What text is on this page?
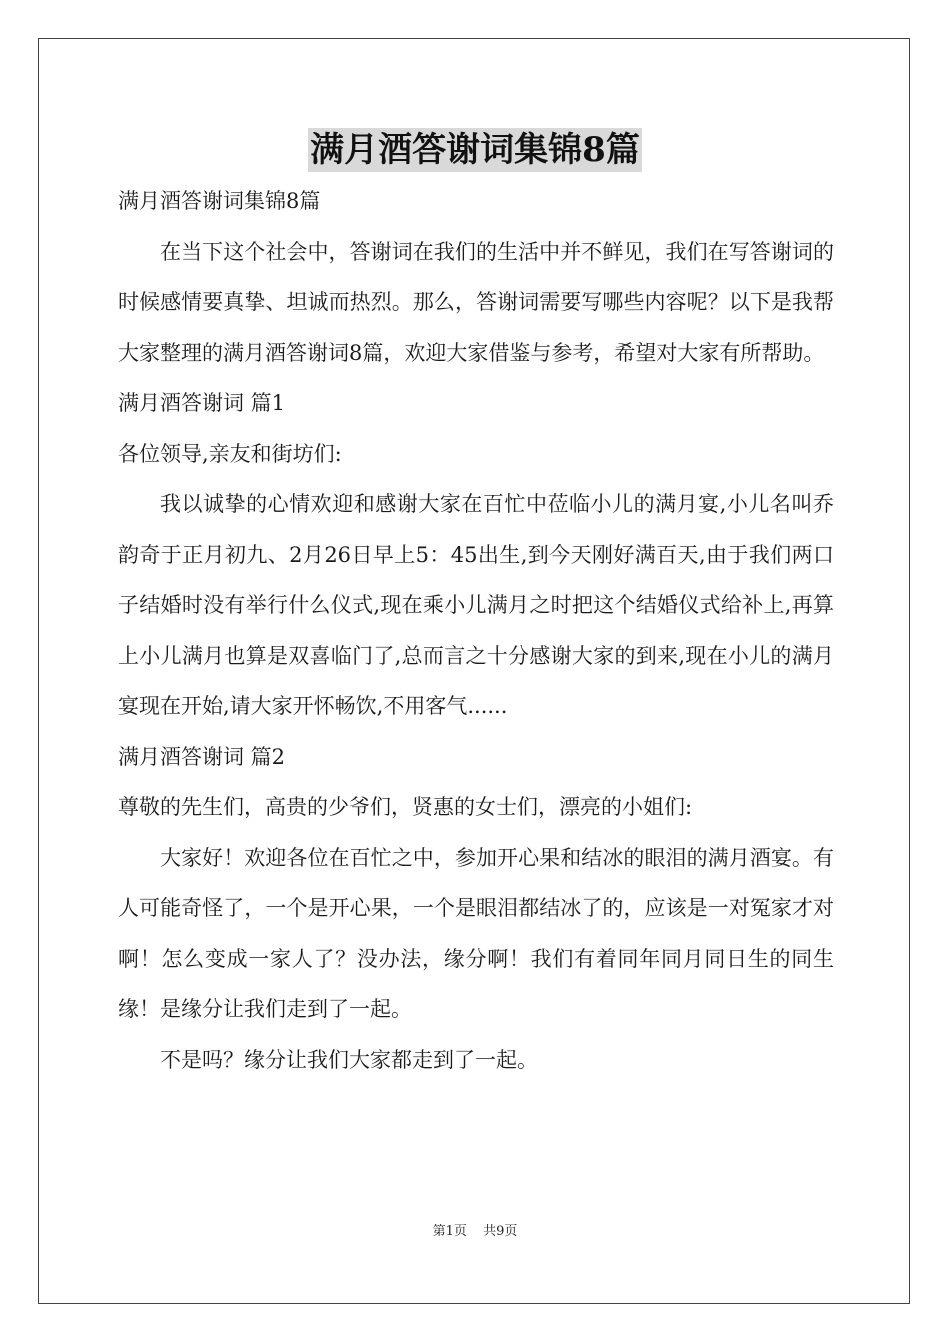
满月酒答谢词集锦8篇

满月酒答谢词集锦8篇

在当下这个社会中，答谢词在我们的生活中并不鲜见，我们在写答谢词的时候感情要真挚、坦诚而热烈。那么，答谢词需要写哪些内容呢？以下是我帮大家整理的满月酒答谢词8篇，欢迎大家借鉴与参考，希望对大家有所帮助。

满月酒答谢词 篇1

各位领导,亲友和街坊们:

我以诚挚的心情欢迎和感谢大家在百忙中莅临小儿的满月宴,小儿名叫乔韵奇于正月初九、2月26日早上5：45出生,到今天刚好满百天,由于我们两口子结婚时没有举行什么仪式,现在乘小儿满月之时把这个结婚仪式给补上,再算上小儿满月也算是双喜临门了,总而言之十分感谢大家的到来,现在小儿的满月宴现在开始,请大家开怀畅饮,不用客气......

满月酒答谢词 篇2

尊敬的先生们，高贵的少爷们，贤惠的女士们，漂亮的小姐们:

大家好！欢迎各位在百忙之中，参加开心果和结冰的眼泪的满月酒宴。有人可能奇怪了，一个是开心果，一个是眼泪都结冰了的，应该是一对冤家才对啊！怎么变成一家人了？没办法，缘分啊！我们有着同年同月同日生的同生缘！是缘分让我们走到了一起。

不是吗？缘分让我们大家都走到了一起。

第1页 共9页
